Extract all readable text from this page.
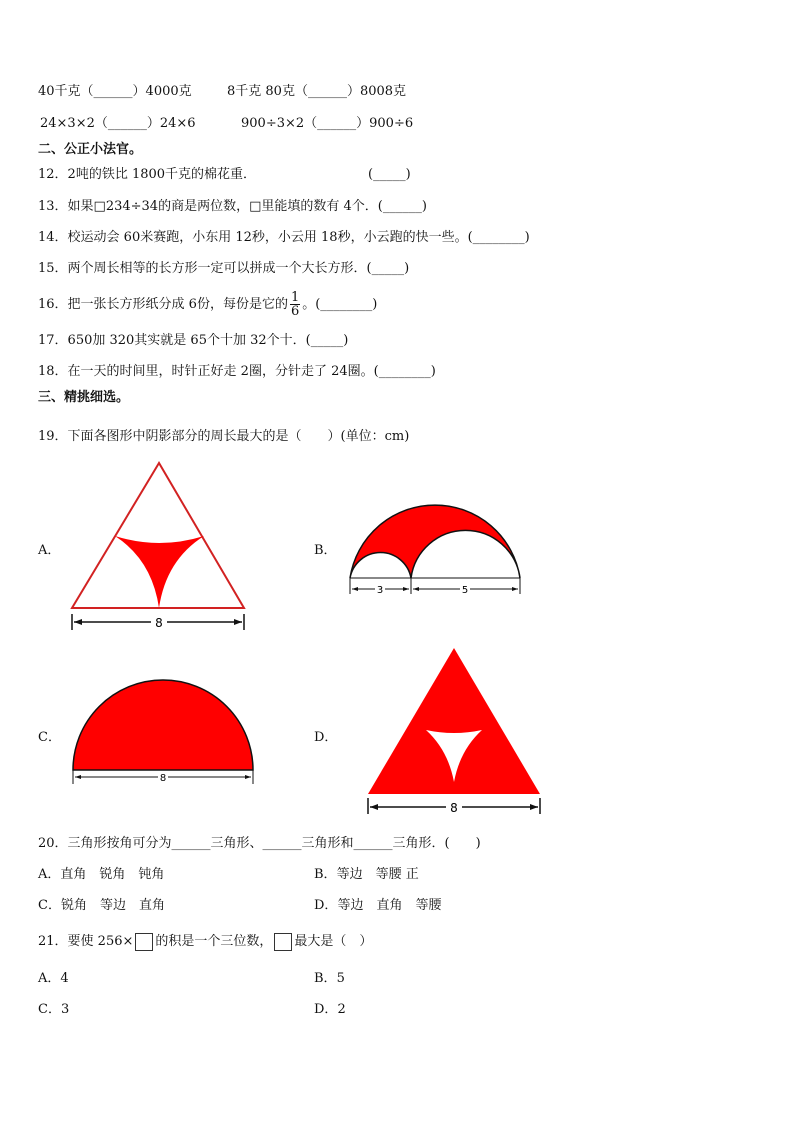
40千克（______）4000克	8千克 80克（______）8008克
24×3×2（______）24×6	900÷3×2（______）900÷6
二、公正小法官。
12．2吨的铁比 1800千克的棉花重．	(_____)
13．如果□234÷34的商是两位数，□里能填的数有 4个．(______)
14．校运动会 60米赛跑，小东用 12秒，小云用 18秒，小云跑的快一些。(________)
15．两个周长相等的长方形一定可以拼成一个大长方形．(_____)
16．把一张长方形纸分成 6份，每份是它的 $\frac{1}{6}$ 。(________)
17．650加 320其实就是 65个十加 32个十．(_____)
18．在一天的时间里，时针正好走 2圈，分针走了 24圈。(________)
三、精挑细选。
19．下面各图形中阴影部分的周长最大的是（　　）(单位：cm)
A．	B．
C．	D．
8
3	5
8
8
20．三角形按角可分为______三角形、______三角形和______三角形．(　　)
A．直角　锐角　钝角	B．等边　等腰 正
C．锐角　等边　直角	D．等边　直角　等腰
21．要使 256× 的积是一个三位数， 最大是（　）
A．4	B．5
C．3	D．2
